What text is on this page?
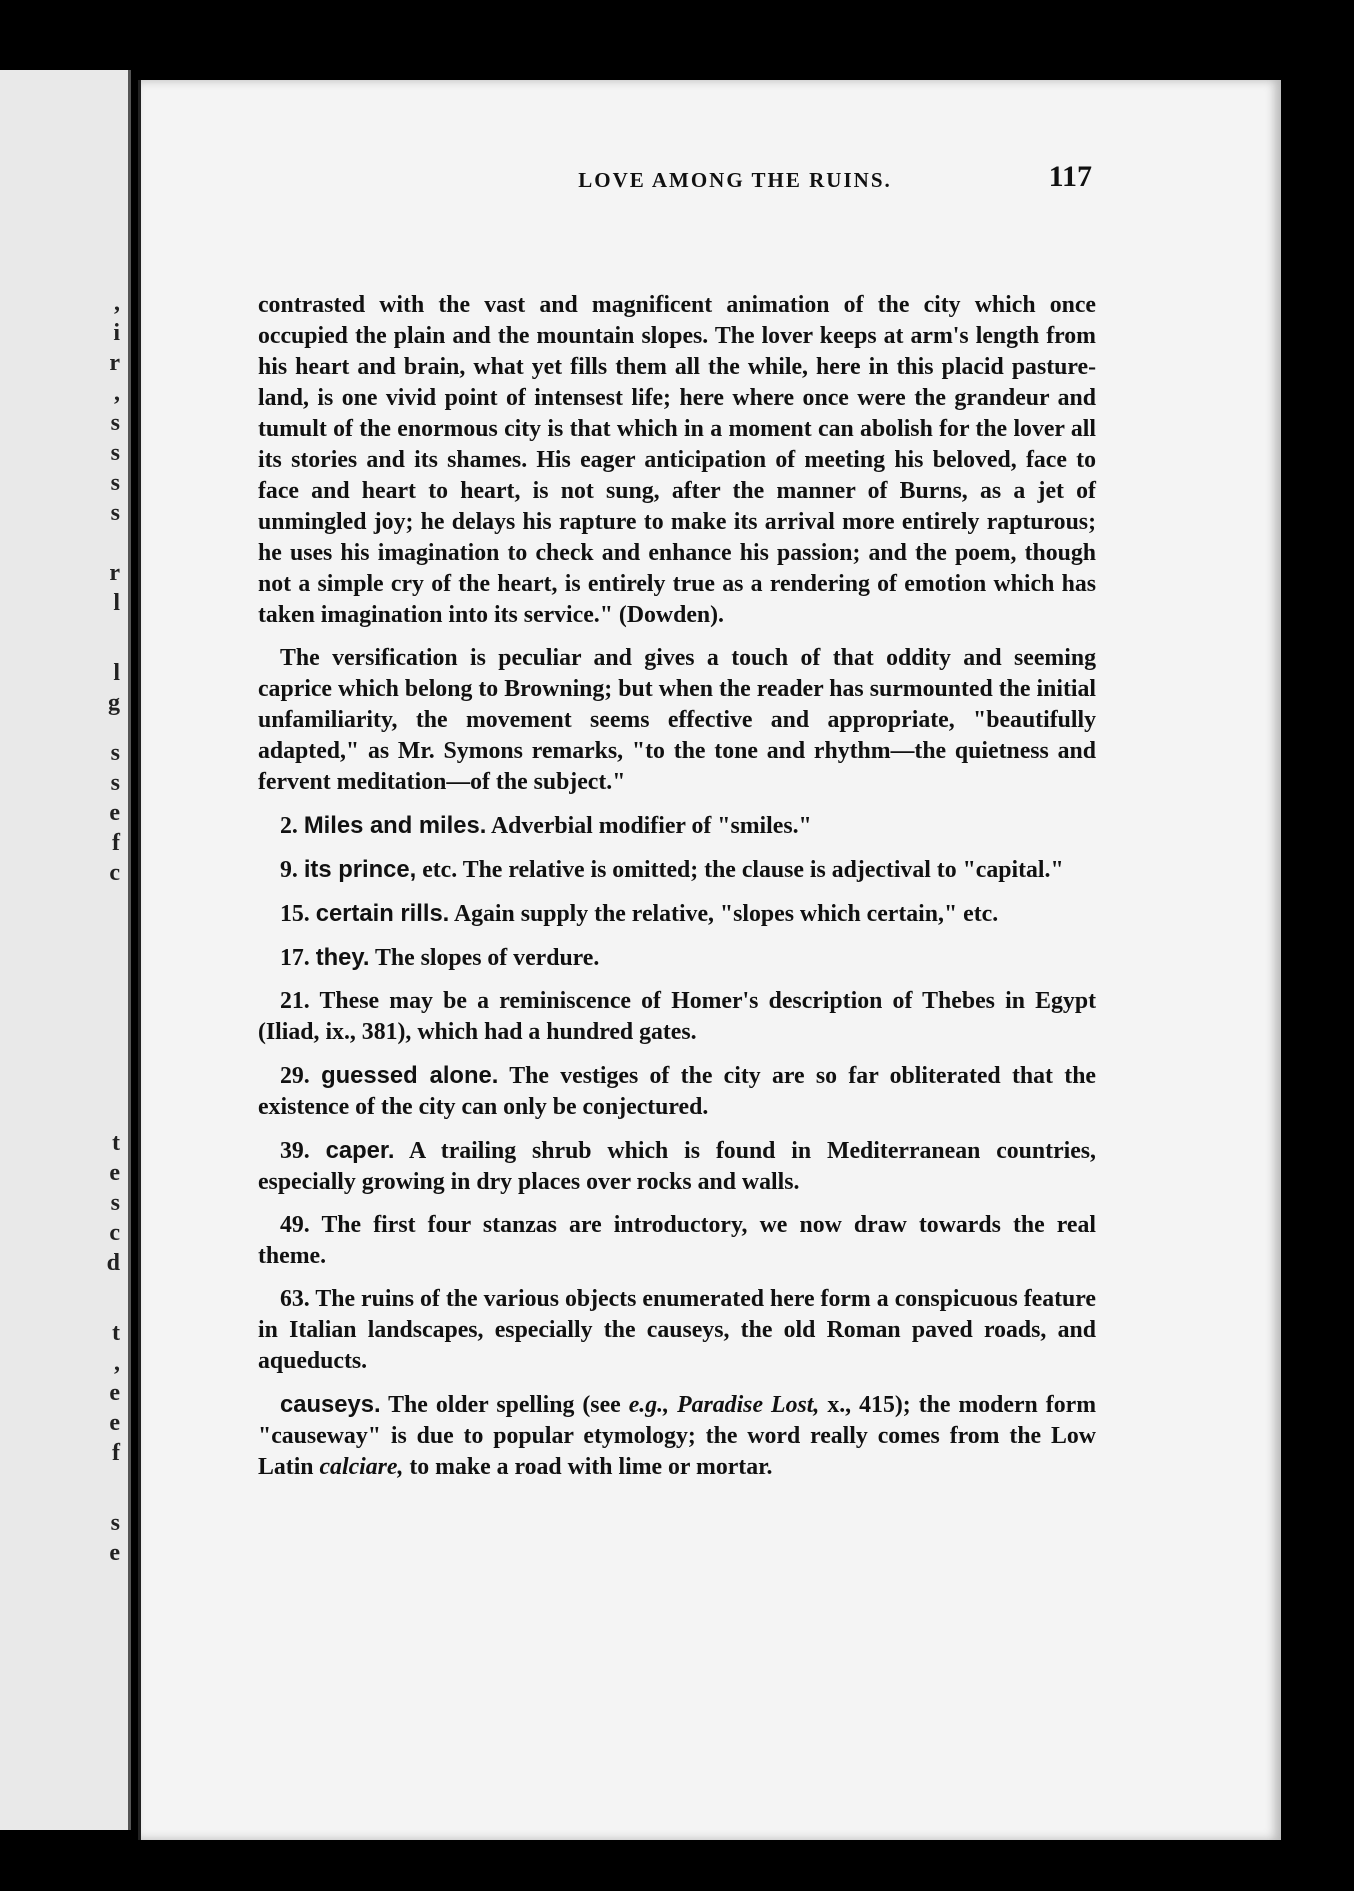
,
i
r
,
s
s
s
s
r
l
l
g
s
s
e
f
c
t
e
s
c
d
t
,
e
e
f
s
e
LOVE AMONG THE RUINS.	117

contrasted with the vast and magnificent animation of the city which once occupied the plain and the mountain slopes. The lover keeps at arm's length from his heart and brain, what yet fills them all the while, here in this placid pasture-land, is one vivid point of intensest life; here where once were the grandeur and tumult of the enormous city is that which in a moment can abolish for the lover all its stories and its shames. His eager anticipation of meeting his beloved, face to face and heart to heart, is not sung, after the manner of Burns, as a jet of unmingled joy; he delays his rapture to make its arrival more entirely rapturous; he uses his imagination to check and enhance his passion; and the poem, though not a simple cry of the heart, is entirely true as a rendering of emotion which has taken imagination into its service." (Dowden).

The versification is peculiar and gives a touch of that oddity and seeming caprice which belong to Browning; but when the reader has surmounted the initial unfamiliarity, the movement seems effective and appropriate, "beautifully adapted," as Mr. Symons remarks, "to the tone and rhythm—the quietness and fervent meditation—of the subject."

2. Miles and miles. Adverbial modifier of "smiles."

9. its prince, etc. The relative is omitted; the clause is adjectival to "capital."

15. certain rills. Again supply the relative, "slopes which certain," etc.

17. they. The slopes of verdure.

21. These may be a reminiscence of Homer's description of Thebes in Egypt (Iliad, ix., 381), which had a hundred gates.

29. guessed alone. The vestiges of the city are so far obliterated that the existence of the city can only be conjectured.

39. caper. A trailing shrub which is found in Mediterranean countries, especially growing in dry places over rocks and walls.

49. The first four stanzas are introductory, we now draw towards the real theme.

63. The ruins of the various objects enumerated here form a conspicuous feature in Italian landscapes, especially the causeys, the old Roman paved roads, and aqueducts.

causeys. The older spelling (see e.g., Paradise Lost, x., 415); the modern form "causeway" is due to popular etymology; the word really comes from the Low Latin calciare, to make a road with lime or mortar.
